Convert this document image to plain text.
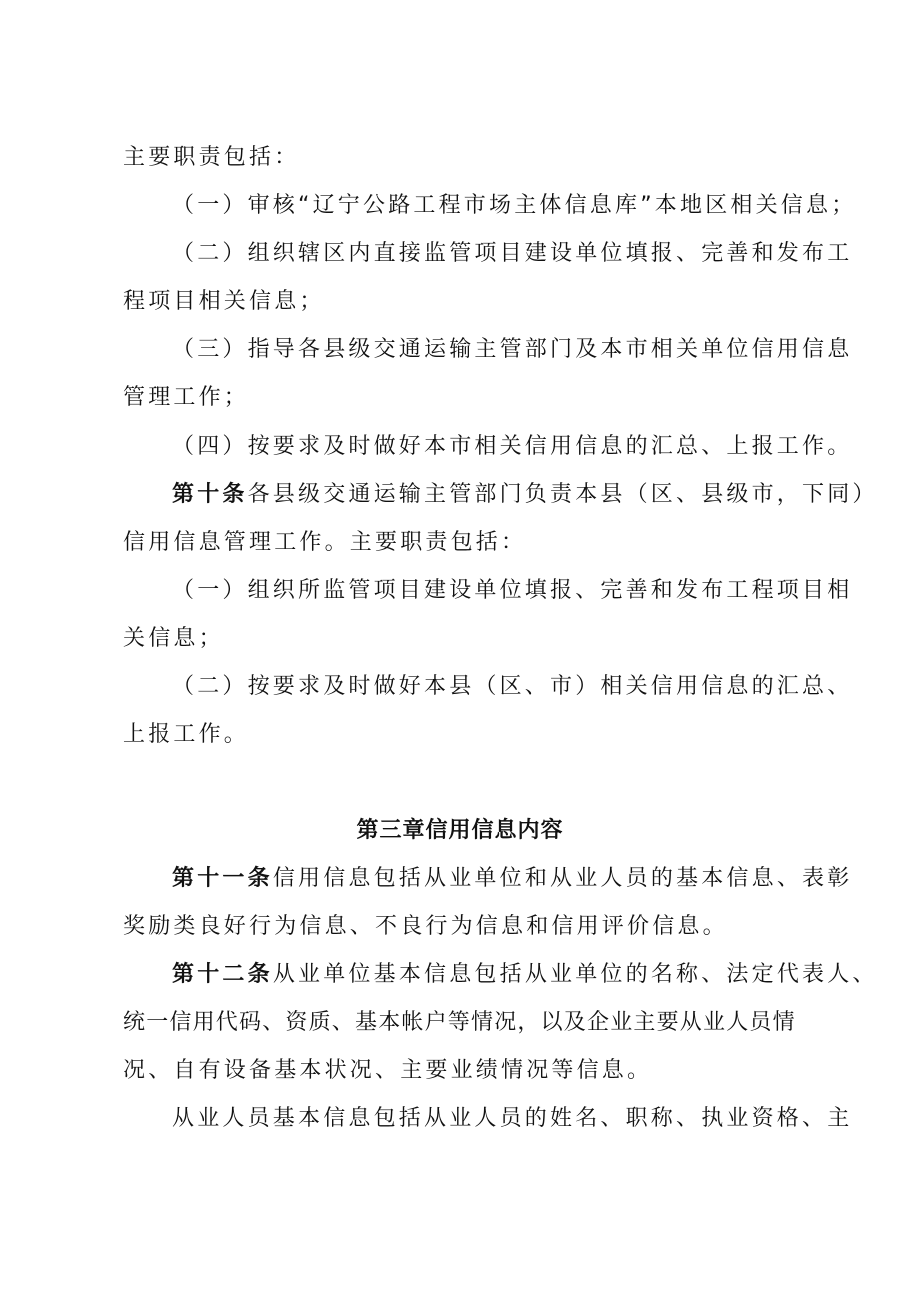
主要职责包括：
（一）审核“辽宁公路工程市场主体信息库”本地区相关信息；
（二）组织辖区内直接监管项目建设单位填报、完善和发布工
程项目相关信息；
（三）指导各县级交通运输主管部门及本市相关单位信用信息
管理工作；
（四）按要求及时做好本市相关信用信息的汇总、上报工作。
第十条各县级交通运输主管部门负责本县（区、县级市，下同）
信用信息管理工作。主要职责包括：
（一）组织所监管项目建设单位填报、完善和发布工程项目相
关信息；
（二）按要求及时做好本县（区、市）相关信用信息的汇总、
上报工作。
第三章信用信息内容
第十一条信用信息包括从业单位和从业人员的基本信息、表彰
奖励类良好行为信息、不良行为信息和信用评价信息。
第十二条从业单位基本信息包括从业单位的名称、法定代表人、
统一信用代码、资质、基本帐户等情况，以及企业主要从业人员情
况、自有设备基本状况、主要业绩情况等信息。
从业人员基本信息包括从业人员的姓名、职称、执业资格、主
